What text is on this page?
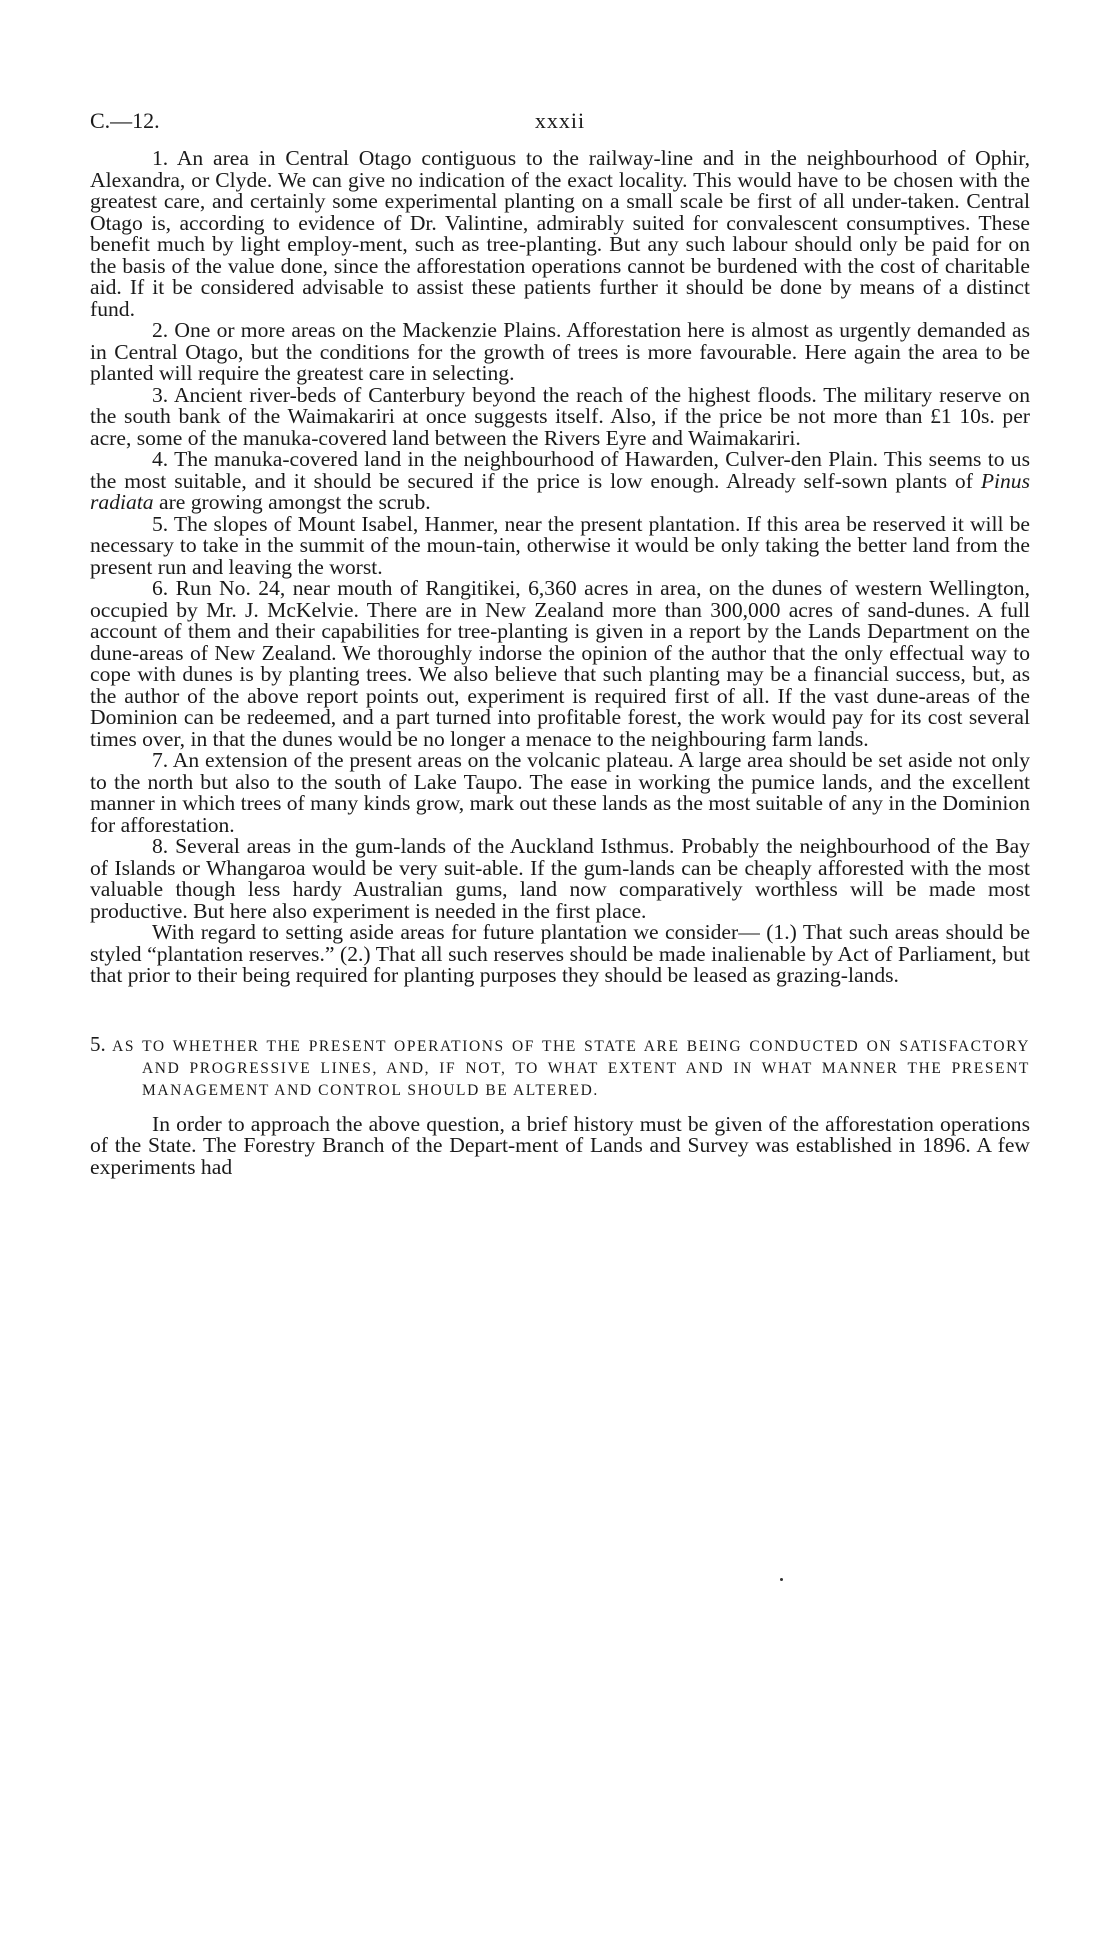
C.—12.	xxxii

1. An area in Central Otago contiguous to the railway-line and in the neighbourhood of Ophir, Alexandra, or Clyde. We can give no indication of the exact locality. This would have to be chosen with the greatest care, and certainly some experimental planting on a small scale be first of all under-taken. Central Otago is, according to evidence of Dr. Valintine, admirably suited for convalescent consumptives. These benefit much by light employ-ment, such as tree-planting. But any such labour should only be paid for on the basis of the value done, since the afforestation operations cannot be burdened with the cost of charitable aid. If it be considered advisable to assist these patients further it should be done by means of a distinct fund.

2. One or more areas on the Mackenzie Plains. Afforestation here is almost as urgently demanded as in Central Otago, but the conditions for the growth of trees is more favourable. Here again the area to be planted will require the greatest care in selecting.

3. Ancient river-beds of Canterbury beyond the reach of the highest floods. The military reserve on the south bank of the Waimakariri at once suggests itself. Also, if the price be not more than £1 10s. per acre, some of the manuka-covered land between the Rivers Eyre and Waimakariri.

4. The manuka-covered land in the neighbourhood of Hawarden, Culver-den Plain. This seems to us the most suitable, and it should be secured if the price is low enough. Already self-sown plants of Pinus radiata are growing amongst the scrub.

5. The slopes of Mount Isabel, Hanmer, near the present plantation. If this area be reserved it will be necessary to take in the summit of the moun-tain, otherwise it would be only taking the better land from the present run and leaving the worst.

6. Run No. 24, near mouth of Rangitikei, 6,360 acres in area, on the dunes of western Wellington, occupied by Mr. J. McKelvie. There are in New Zealand more than 300,000 acres of sand-dunes. A full account of them and their capabilities for tree-planting is given in a report by the Lands Department on the dune-areas of New Zealand. We thoroughly indorse the opinion of the author that the only effectual way to cope with dunes is by planting trees. We also believe that such planting may be a financial success, but, as the author of the above report points out, experiment is required first of all. If the vast dune-areas of the Dominion can be redeemed, and a part turned into profitable forest, the work would pay for its cost several times over, in that the dunes would be no longer a menace to the neighbouring farm lands.

7. An extension of the present areas on the volcanic plateau. A large area should be set aside not only to the north but also to the south of Lake Taupo. The ease in working the pumice lands, and the excellent manner in which trees of many kinds grow, mark out these lands as the most suitable of any in the Dominion for afforestation.

8. Several areas in the gum-lands of the Auckland Isthmus. Probably the neighbourhood of the Bay of Islands or Whangaroa would be very suit-able. If the gum-lands can be cheaply afforested with the most valuable though less hardy Australian gums, land now comparatively worthless will be made most productive. But here also experiment is needed in the first place.

With regard to setting aside areas for future plantation we consider— (1.) That such areas should be styled “plantation reserves.” (2.) That all such reserves should be made inalienable by Act of Parliament, but that prior to their being required for planting purposes they should be leased as grazing-lands.

5. AS TO WHETHER THE PRESENT OPERATIONS OF THE STATE ARE BEING CONDUCTED ON SATISFACTORY AND PROGRESSIVE LINES, AND, IF NOT, TO WHAT EXTENT AND IN WHAT MANNER THE PRESENT MANAGEMENT AND CONTROL SHOULD BE ALTERED.

In order to approach the above question, a brief history must be given of the afforestation operations of the State. The Forestry Branch of the Depart-ment of Lands and Survey was established in 1896. A few experiments had
